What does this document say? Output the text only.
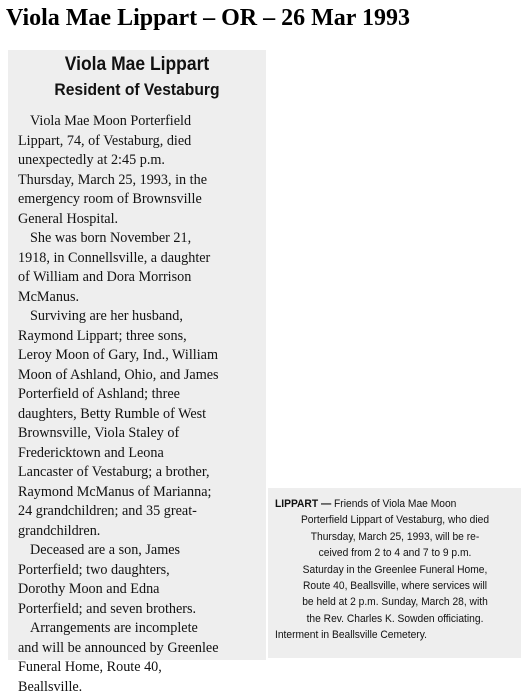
Viola Mae Lippart – OR – 26 Mar 1993
Viola Mae Lippart
Resident of Vestaburg

Viola Mae Moon Porterfield
Lippart, 74, of Vestaburg, died
unexpectedly at 2:45 p.m.
Thursday, March 25, 1993, in the
emergency room of Brownsville
General Hospital.

She was born November 21,
1918, in Connellsville, a daughter
of William and Dora Morrison
McManus.

Surviving are her husband,
Raymond Lippart; three sons,
Leroy Moon of Gary, Ind., William
Moon of Ashland, Ohio, and James
Porterfield of Ashland; three
daughters, Betty Rumble of West
Brownsville, Viola Staley of
Fredericktown and Leona
Lancaster of Vestaburg; a brother,
Raymond McManus of Marianna;
24 grandchildren; and 35 great-
grandchildren.

Deceased are a son, James
Porterfield; two daughters,
Dorothy Moon and Edna
Porterfield; and seven brothers.

Arrangements are incomplete
and will be announced by Greenlee
Funeral Home, Route 40,
Beallsville.

LIPPART — Friends of Viola Mae Moon
Porterfield Lippart of Vestaburg, who died
Thursday, March 25, 1993, will be re-
ceived from 2 to 4 and 7 to 9 p.m.
Saturday in the Greenlee Funeral Home,
Route 40, Beallsville, where services will
be held at 2 p.m. Sunday, March 28, with
the Rev. Charles K. Sowden officiating.
Interment in Beallsville Cemetery.
